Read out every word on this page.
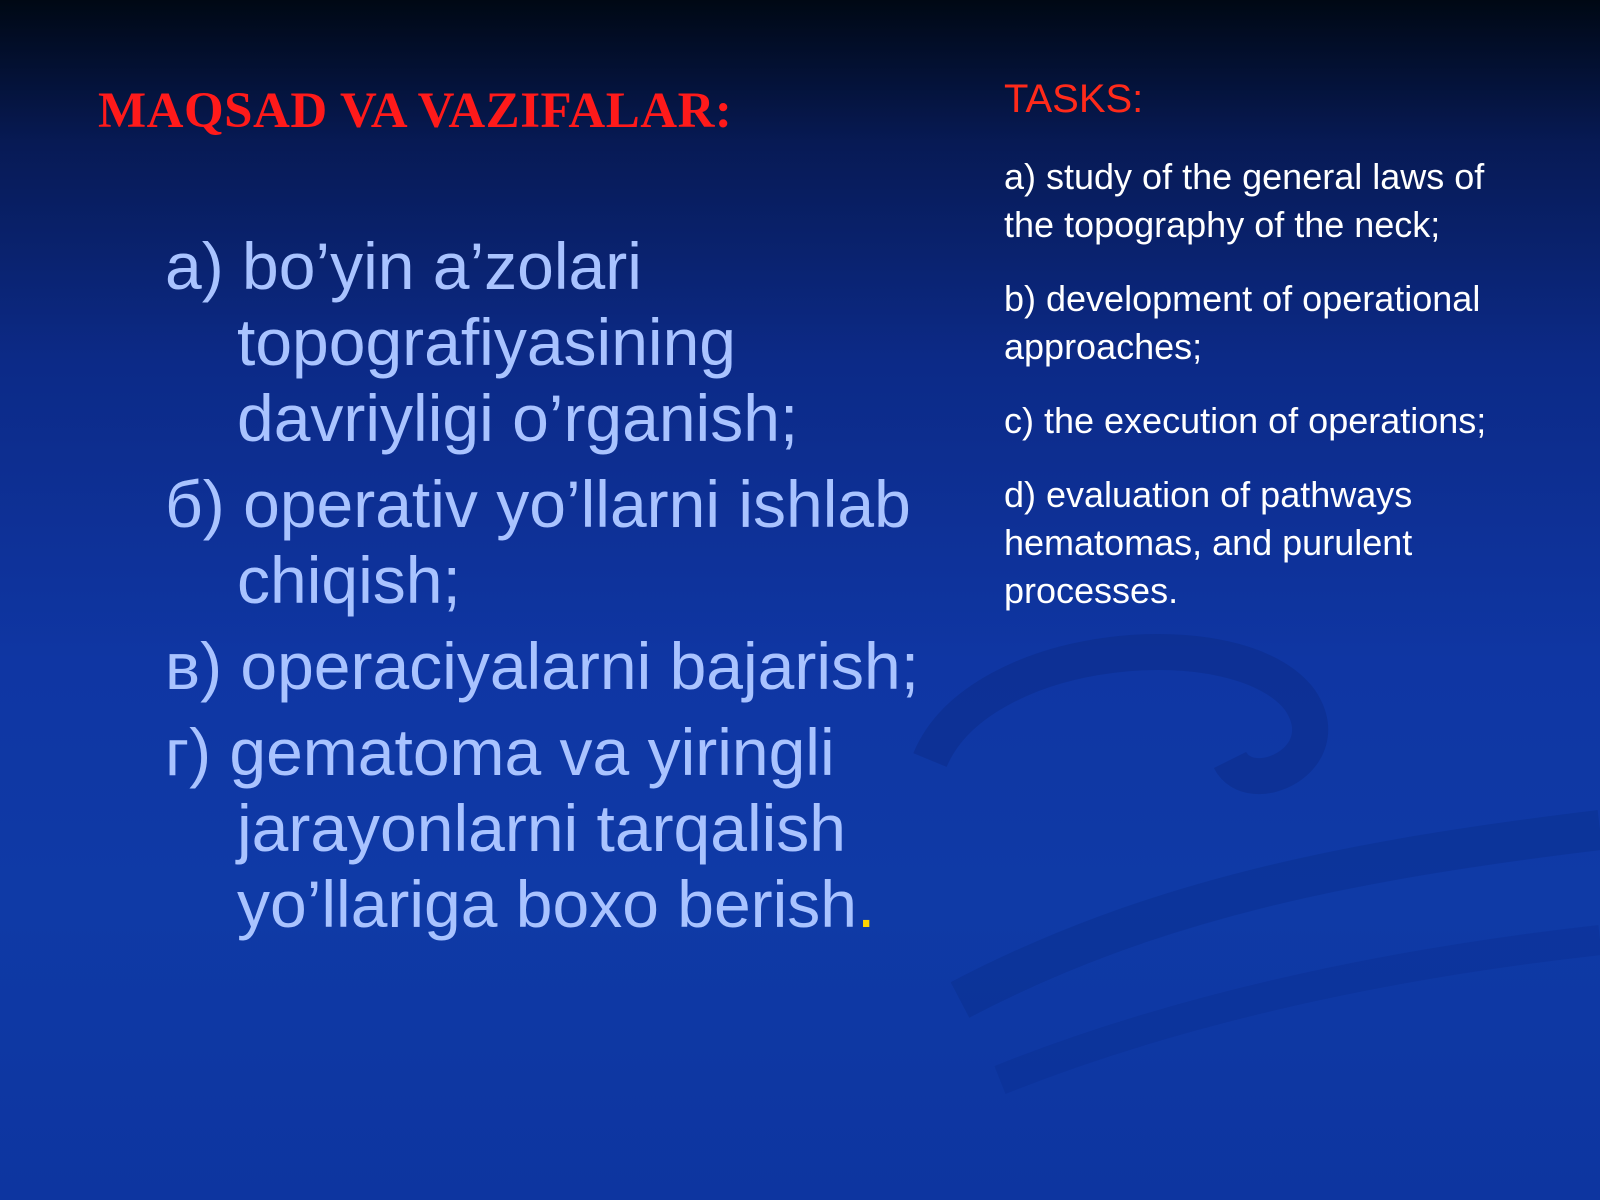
MAQSAD VA VAZIFALAR:
а) bo’yin a’zolari topografiyasining davriyligi o’rganish;
б) operativ yo’llarni ishlab chiqish;
в) operaciyalarni bajarish;
г) gematoma va yiringli jarayonlarni tarqalish yo’llariga boxo berish.
TASKS:
a) study of the general laws of the topography of the neck;
b) development of operational approaches;
c) the execution of operations;
d) evaluation of pathways hematomas, and purulent processes.
